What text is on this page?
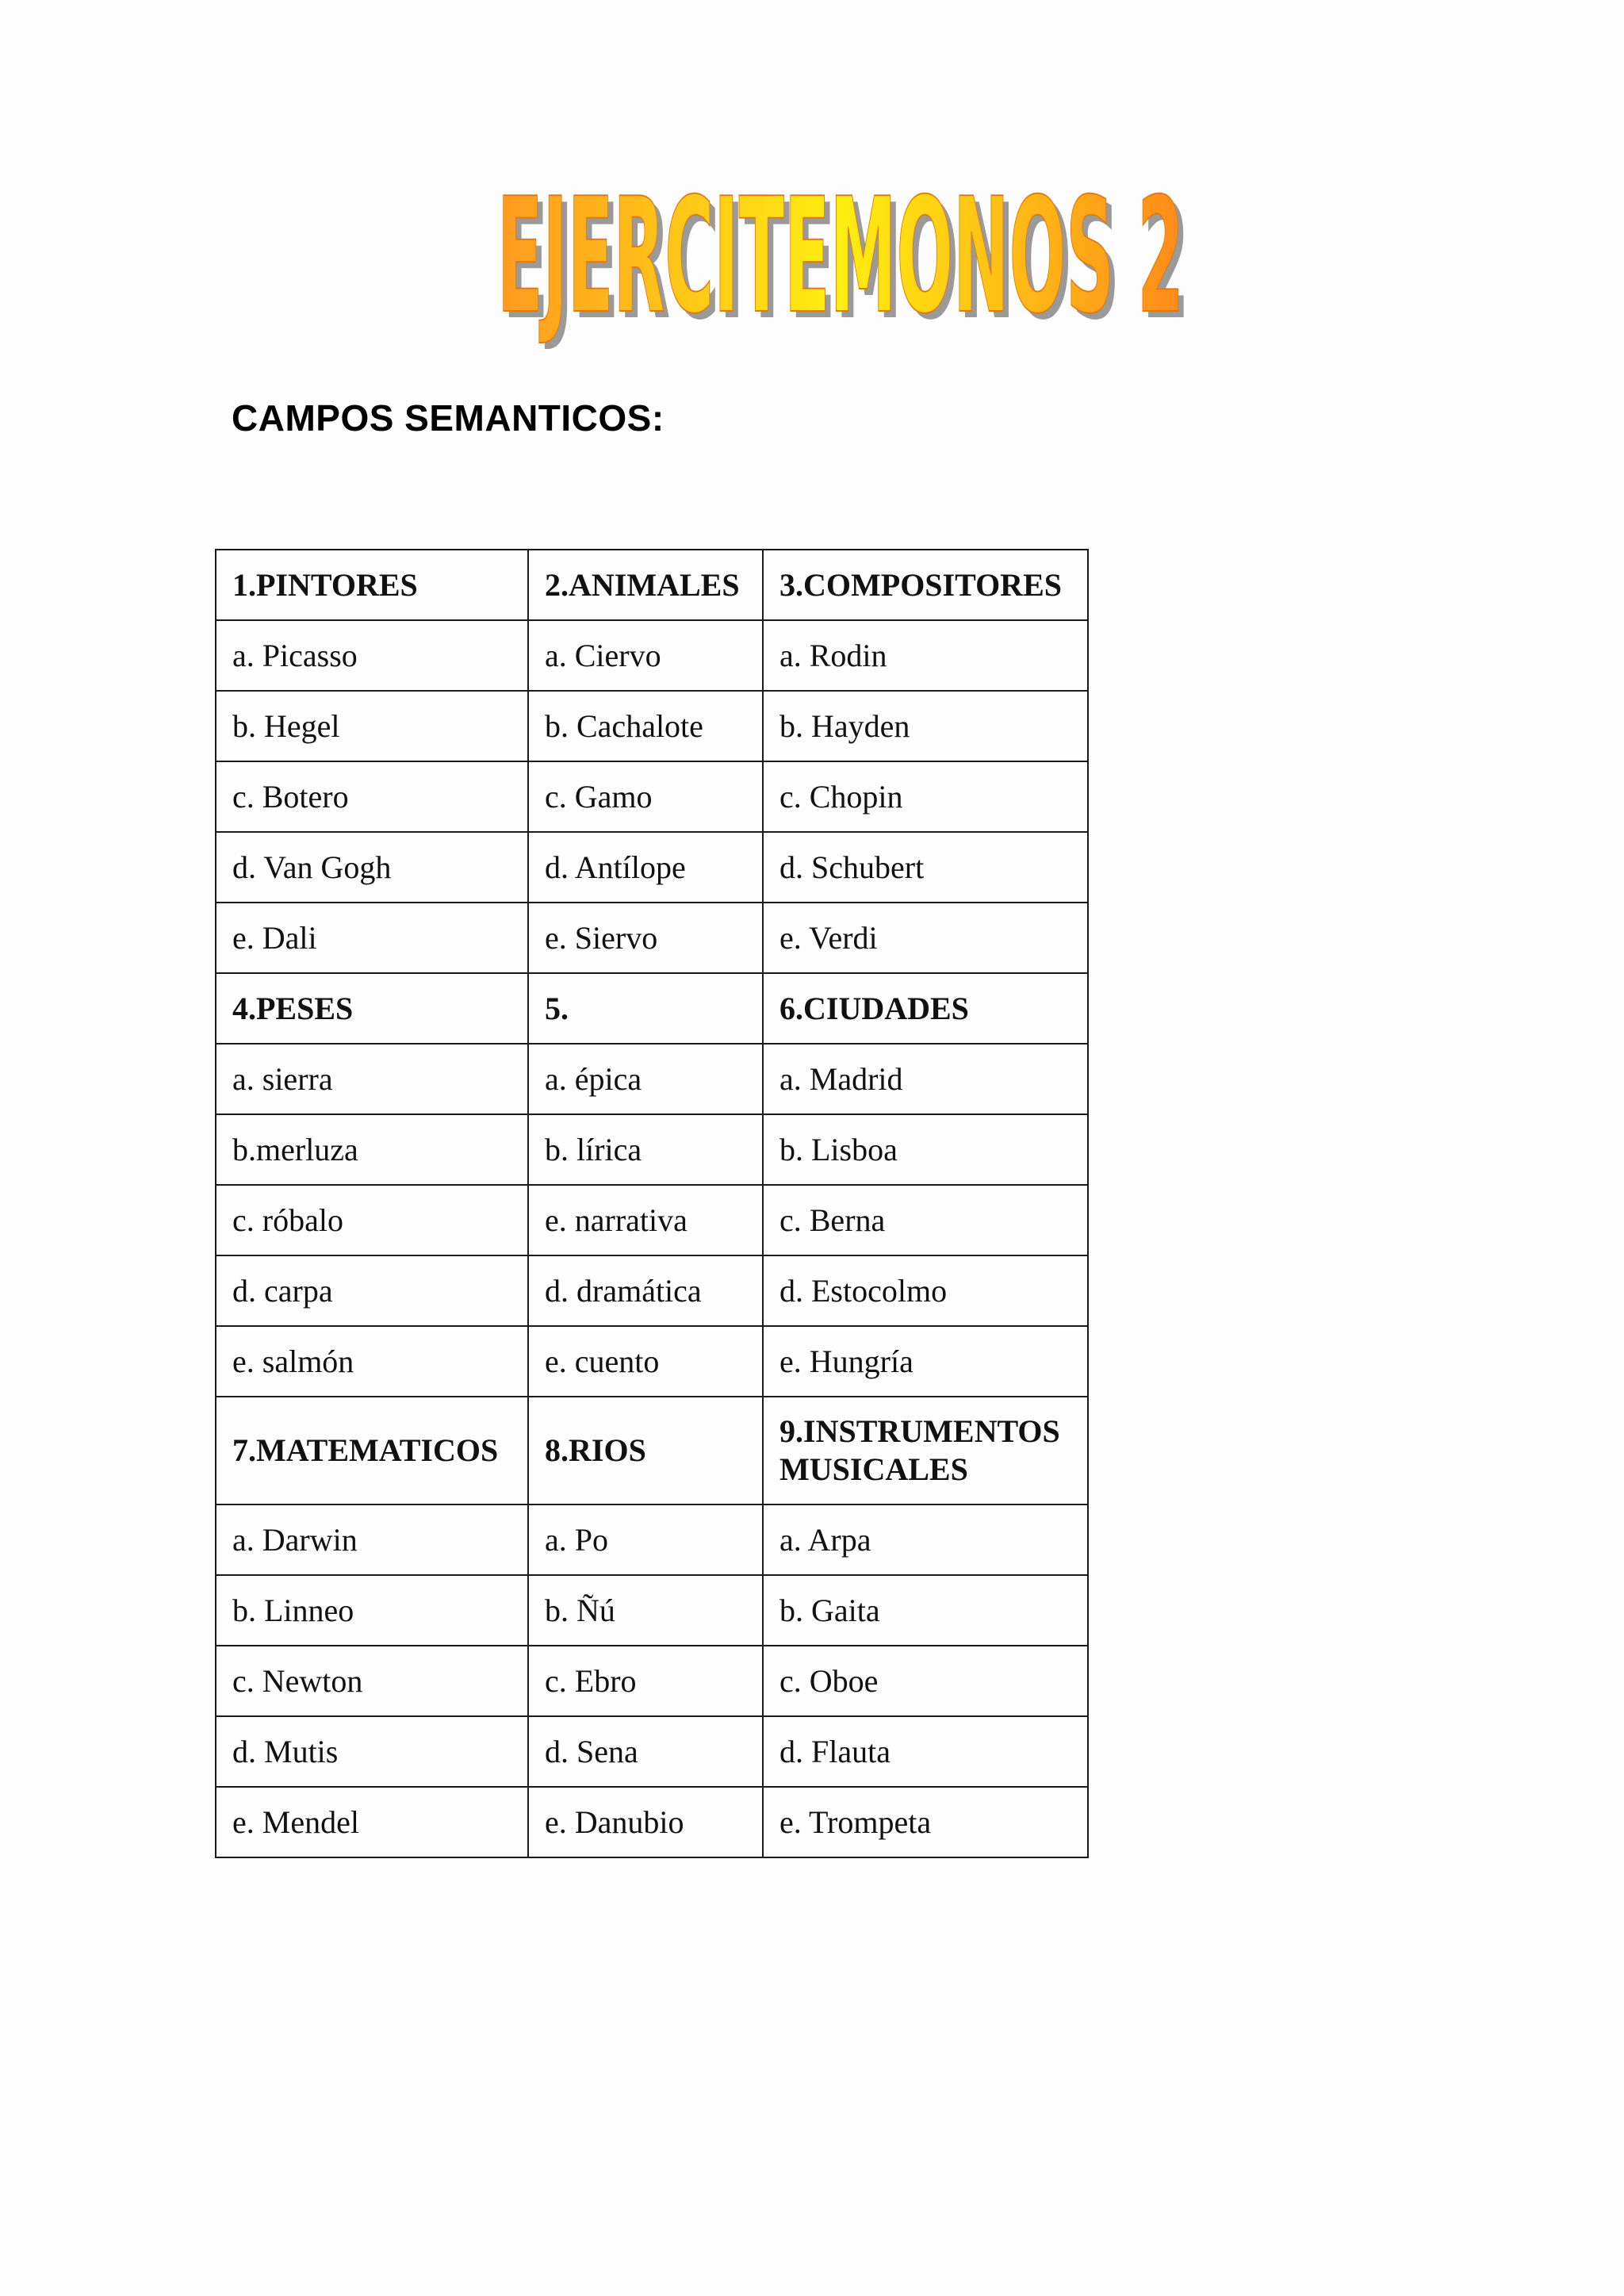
EJERCITEMONOS 2
EJERCITEMONOS 2
CAMPOS SEMANTICOS:
1.PINTORES	2.ANIMALES	3.COMPOSITORES
a. Picasso	a. Ciervo	a. Rodin
b. Hegel	b. Cachalote	b. Hayden
c. Botero	c. Gamo	c. Chopin
d. Van Gogh	d. Antílope	d. Schubert
e. Dali	e. Siervo	e. Verdi
4.PESES	5.	6.CIUDADES
a. sierra	a. épica	a. Madrid
b.merluza	b. lírica	b. Lisboa
c. róbalo	e. narrativa	c. Berna
d. carpa	d. dramática	d. Estocolmo
e. salmón	e. cuento	e. Hungría
7.MATEMATICOS	8.RIOS	9.INSTRUMENTOS MUSICALES

a. Darwin	a. Po	a. Arpa
b. Linneo	b. Ñú	b. Gaita
c. Newton	c. Ebro	c. Oboe
d. Mutis	d. Sena	d. Flauta
e. Mendel	e. Danubio	e. Trompeta
